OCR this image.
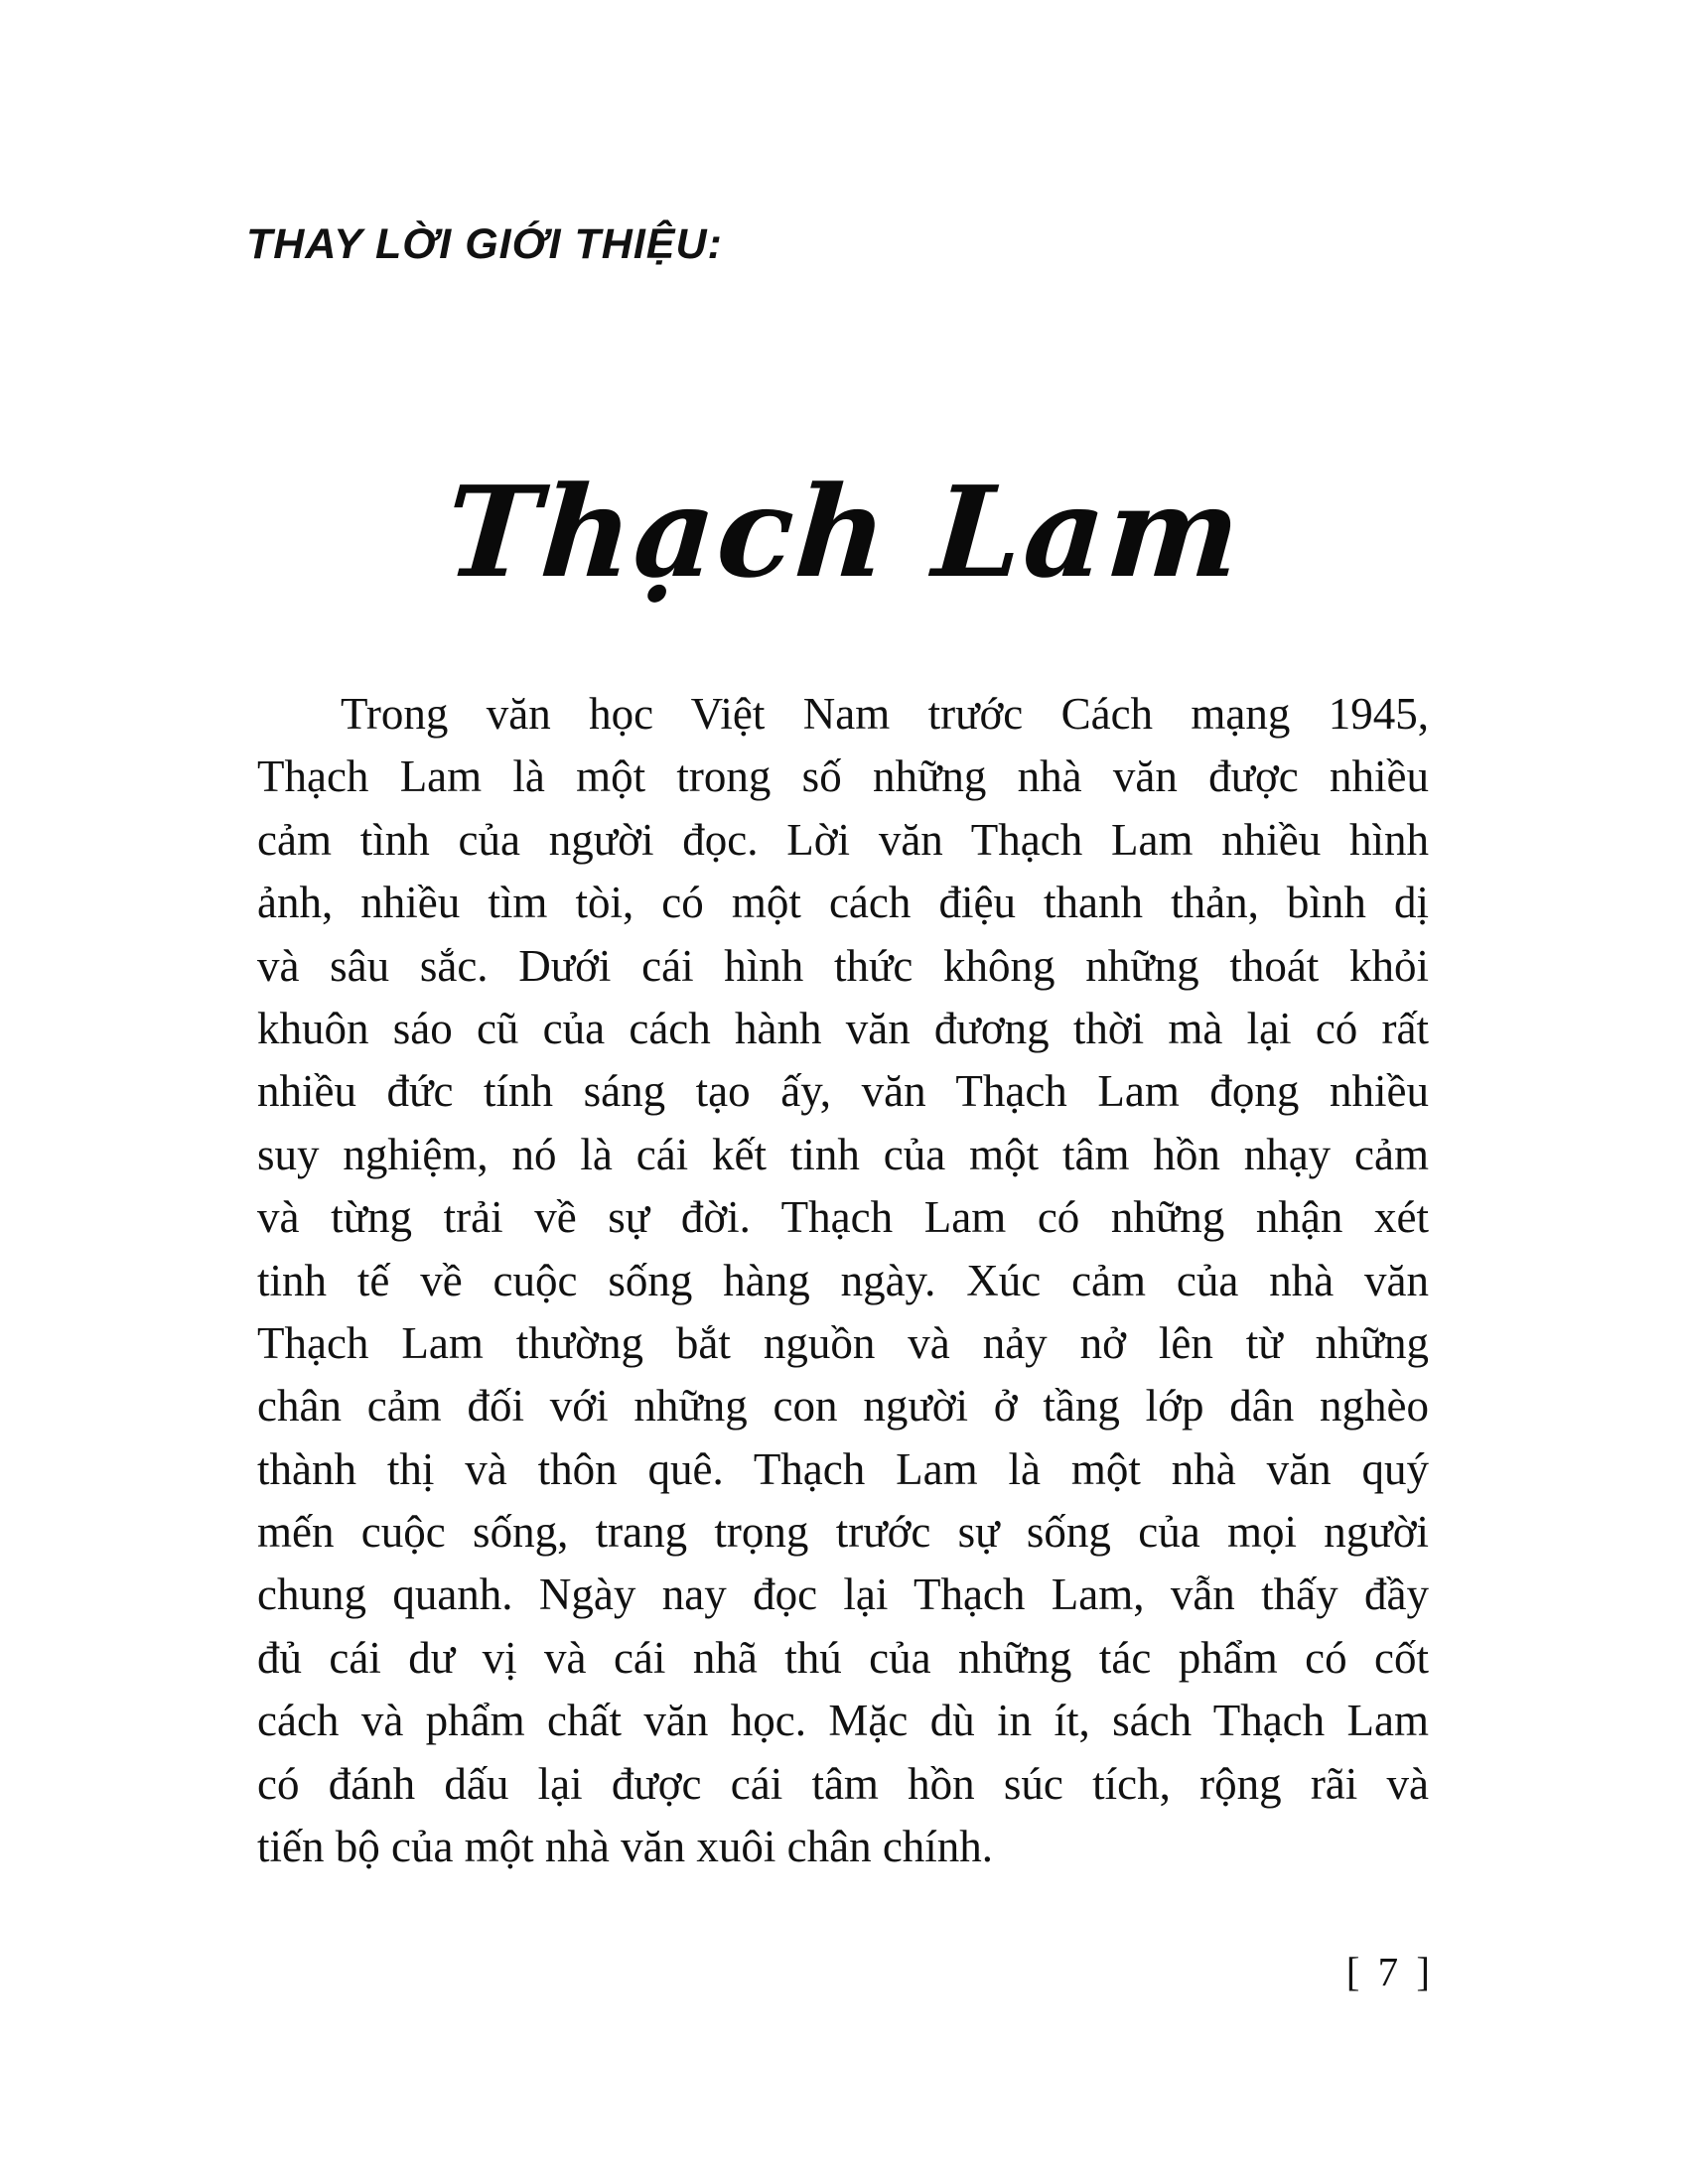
THAY LỜI GIỚI THIỆU:
Thạch Lam
Trong văn học Việt Nam trước Cách mạng 1945,
Thạch Lam là một trong số những nhà văn được nhiều
cảm tình của người đọc. Lời văn Thạch Lam nhiều hình
ảnh, nhiều tìm tòi, có một cách điệu thanh thản, bình dị
và sâu sắc. Dưới cái hình thức không những thoát khỏi
khuôn sáo cũ của cách hành văn đương thời mà lại có rất
nhiều đức tính sáng tạo ấy, văn Thạch Lam đọng nhiều
suy nghiệm, nó là cái kết tinh của một tâm hồn nhạy cảm
và từng trải về sự đời. Thạch Lam có những nhận xét
tinh tế về cuộc sống hàng ngày. Xúc cảm của nhà văn
Thạch Lam thường bắt nguồn và nảy nở lên từ những
chân cảm đối với những con người ở tầng lớp dân nghèo
thành thị và thôn quê. Thạch Lam là một nhà văn quý
mến cuộc sống, trang trọng trước sự sống của mọi người
chung quanh. Ngày nay đọc lại Thạch Lam, vẫn thấy đầy
đủ cái dư vị và cái nhã thú của những tác phẩm có cốt
cách và phẩm chất văn học. Mặc dù in ít, sách Thạch Lam
có đánh dấu lại được cái tâm hồn súc tích, rộng rãi và
tiến bộ của một nhà văn xuôi chân chính.
[ 7 ]
